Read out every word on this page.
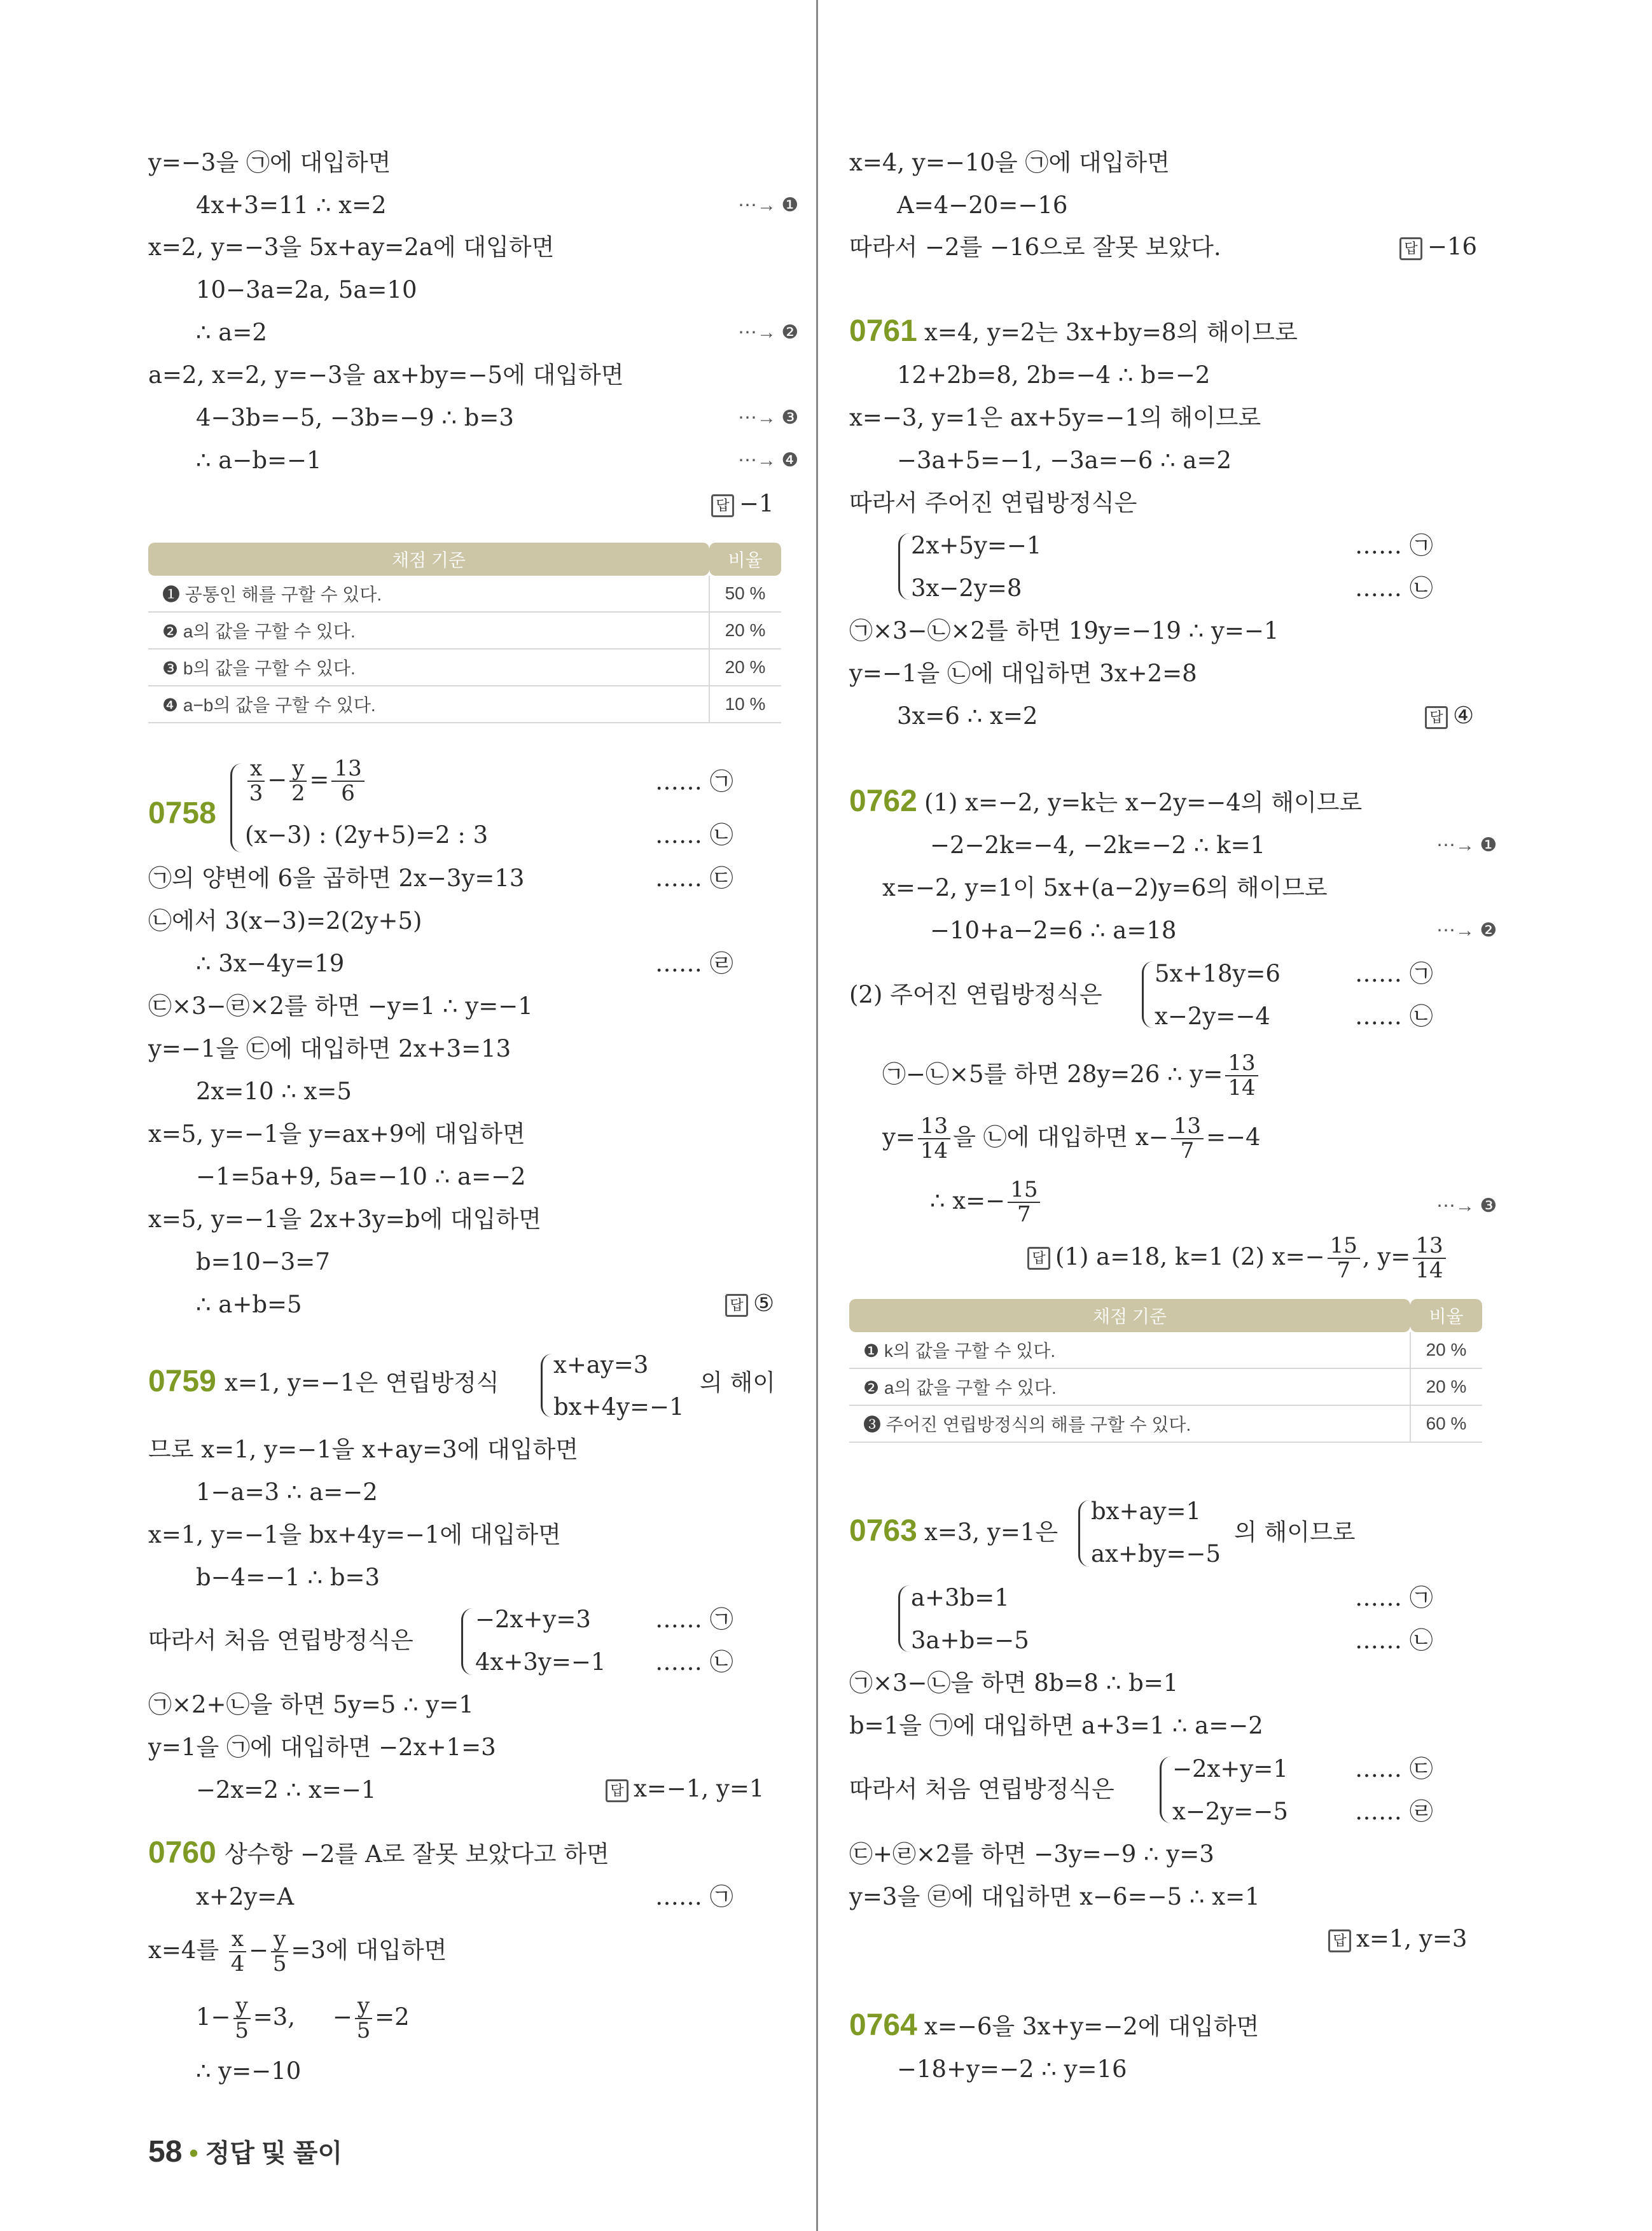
y=−3을 ㉠에 대입하면
4x+3=11 ∴ x=2	⋯→ ❶
x=2, y=−3을 5x+ay=2a에 대입하면
10−3a=2a, 5a=10
∴ a=2	⋯→ ❷
a=2, x=2, y=−3을 ax+by=−5에 대입하면
4−3b=−5, −3b=−9 ∴ b=3	⋯→ ❸
∴ a−b=−1	⋯→ ❹
답 −1
채점 기준	비율
❶ 공통인 해를 구할 수 있다.	50 %
❷ a의 값을 구할 수 있다.	20 %
❸ b의 값을 구할 수 있다.	20 %
❹ a−b의 값을 구할 수 있다.	10 %
0758
$\frac{x}{3} - \frac{y}{2} = \frac{13}{6}$	…… ㉠
(x−3) : (2y+5)=2 : 3	…… ㉡
㉠의 양변에 6을 곱하면 2x−3y=13	…… ㉢
㉡에서 3(x−3)=2(2y+5)
∴ 3x−4y=19	…… ㉣
㉢×3−㉣×2를 하면 −y=1 ∴ y=−1
y=−1을 ㉢에 대입하면 2x+3=13
2x=10 ∴ x=5
x=5, y=−1을 y=ax+9에 대입하면
−1=5a+9, 5a=−10 ∴ a=−2
x=5, y=−1을 2x+3y=b에 대입하면
b=10−3=7
∴ a+b=5	답 ⑤
0759 x=1, y=−1은 연립방정식
x+ay=3
bx+4y=−1
의 해이
므로 x=1, y=−1을 x+ay=3에 대입하면
1−a=3 ∴ a=−2
x=1, y=−1을 bx+4y=−1에 대입하면
b−4=−1 ∴ b=3
따라서 처음 연립방정식은
−2x+y=3	…… ㉠
4x+3y=−1 …… ㉡
㉠×2+㉡을 하면 5y=5 ∴ y=1
y=1을 ㉠에 대입하면 −2x+1=3
−2x=2 ∴ x=−1	답 x=−1, y=1
0760 상수항 −2를 A로 잘못 보았다고 하면
x+2y=A	…… ㉠
x=4를 $\frac{x}{4} - \frac{y}{5} =3$에 대입하면
$1- \frac{y}{5} =3$, − $\frac{y}{5} =2$
∴ y=−10
x=4, y=−10을 ㉠에 대입하면
A=4−20=−16
따라서 −2를 −16으로 잘못 보았다.	답 −16
0761 x=4, y=2는 3x+by=8의 해이므로
12+2b=8, 2b=−4 ∴ b=−2
x=−3, y=1은 ax+5y=−1의 해이므로
−3a+5=−1, −3a=−6 ∴ a=2
따라서 주어진 연립방정식은
2x+5y=−1	…… ㉠
3x−2y=8	…… ㉡
㉠×3−㉡×2를 하면 19y=−19 ∴ y=−1
y=−1을 ㉡에 대입하면 3x+2=8
3x=6 ∴ x=2	답 ④
0762 (1) x=−2, y=k는 x−2y=−4의 해이므로
−2−2k=−4, −2k=−2 ∴ k=1	⋯→ ❶
x=−2, y=1이 5x+(a−2)y=6의 해이므로
−10+a−2=6 ∴ a=18	⋯→ ❷
(2) 주어진 연립방정식은
5x+18y=6	…… ㉠
x−2y=−4	…… ㉡
㉠−㉡×5를 하면 28y=26 ∴ $y= \frac{13}{14}$
$y= \frac{13}{14}$ 을 ㉡에 대입하면 $x- \frac{13}{7} =-4$
∴ $x=- \frac{15}{7}$	⋯→ ❸
답 (1) a=18, k=1 (2) $x=- \frac{15}{7}$ , $y= \frac{13}{14}$
채점 기준	비율
❶ k의 값을 구할 수 있다.	20 %
❷ a의 값을 구할 수 있다.	20 %
❸ 주어진 연립방정식의 해를 구할 수 있다.	60 %
0763 x=3, y=1은
bx+ay=1
ax+by=−5
의 해이므로
a+3b=1	…… ㉠
3a+b=−5	…… ㉡
㉠×3−㉡을 하면 8b=8 ∴ b=1
b=1을 ㉠에 대입하면 a+3=1 ∴ a=−2
따라서 처음 연립방정식은
−2x+y=1	…… ㉢
x−2y=−5	…… ㉣
㉢+㉣×2를 하면 −3y=−9 ∴ y=3
y=3을 ㉣에 대입하면 x−6=−5 ∴ x=1
답 x=1, y=3
0764 x=−6을 3x+y=−2에 대입하면
−18+y=−2 ∴ y=16
58 • 정답 및 풀이
